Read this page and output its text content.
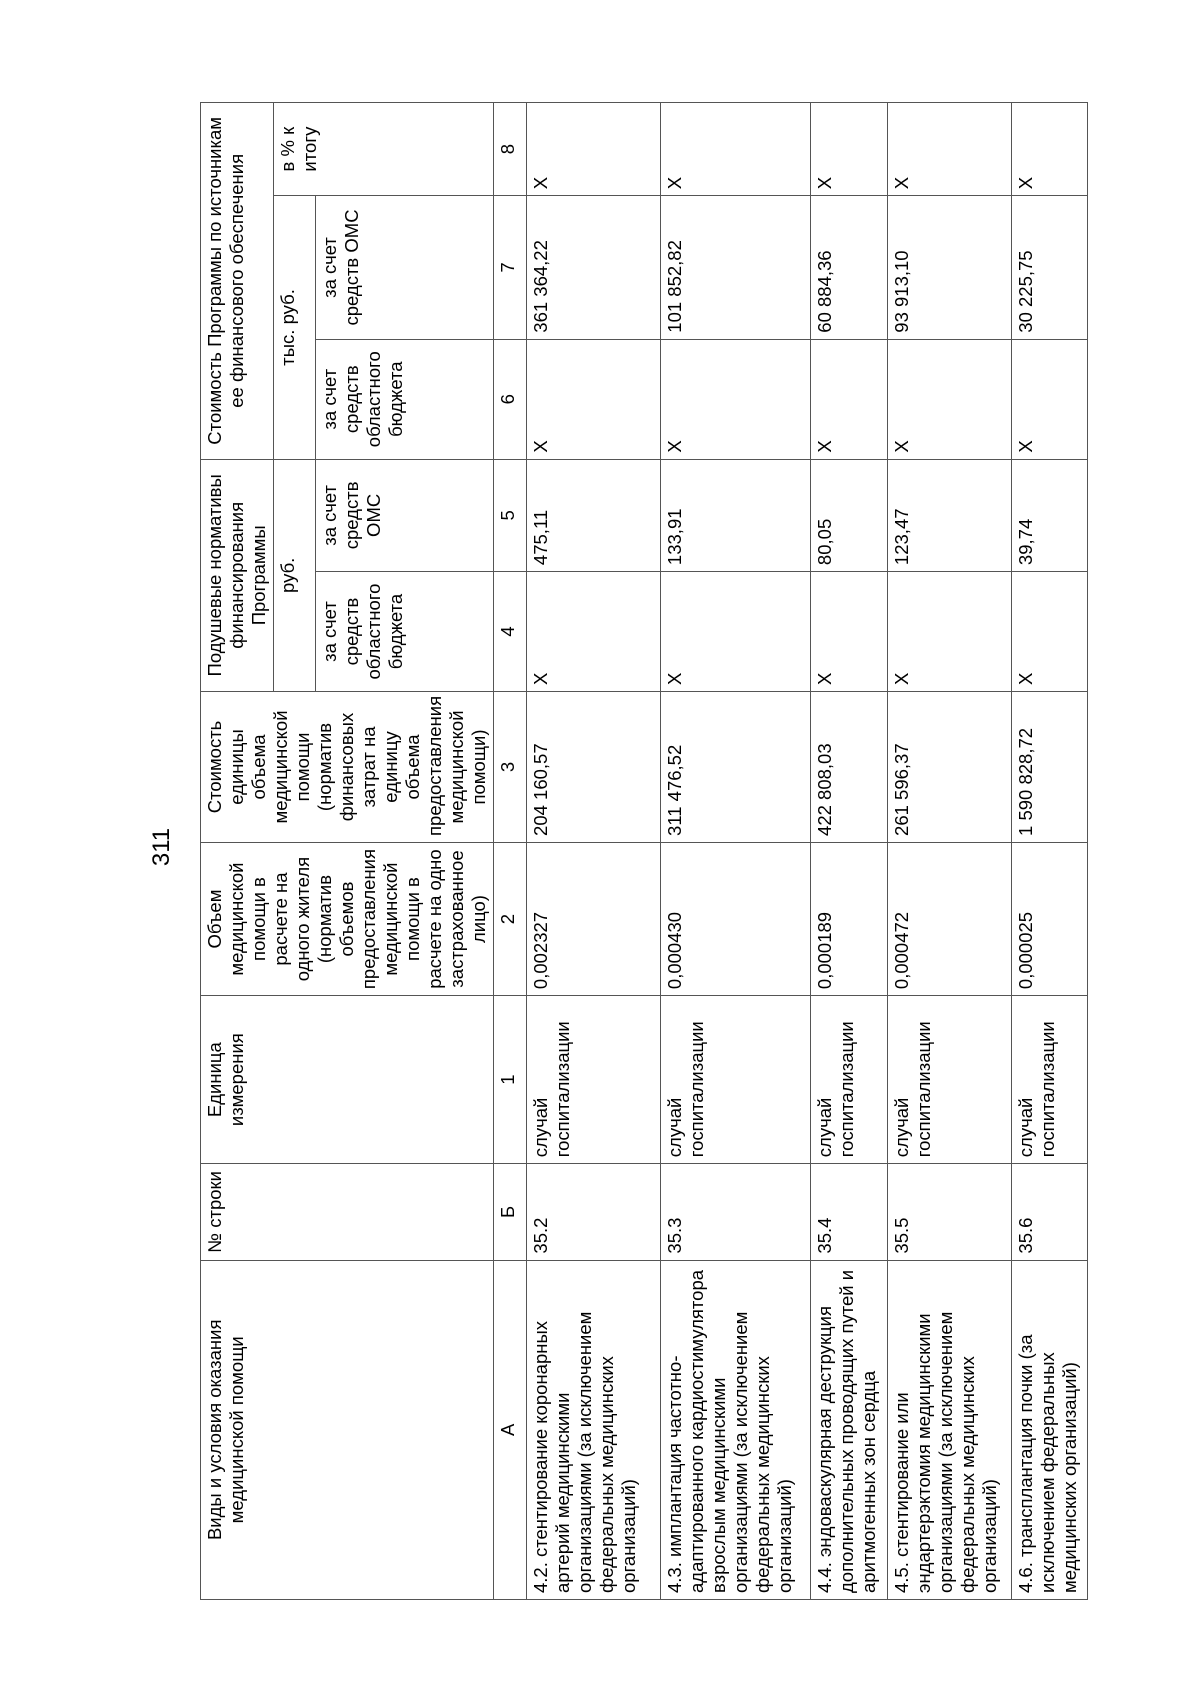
311
Виды и условия оказания медицинской помощи	№ строки	Единица измерения	Объем медицинской помощи в расчете на одного жителя (норматив объемов предоставления медицинской помощи в расчете на одно застрахованное лицо)	Стоимость единицы объема медицинской помощи (норматив финансовых затрат на единицу объема предоставления медицинской помощи)	Подушевые нормативы финансирования Программы		Стоимость Программы по источникам ее финансового обеспечения		
					руб.		тыс. руб.		в % к итогу
					за счет средств областного бюджета	за счет средств ОМС	за счет средств областного бюджета	за счет средств ОМС	
А	Б	1	2	3	4	5	6	7	8
4.2. стентирование коронарных артерий медицинскими организациями (за исключением федеральных медицинских организаций)	35.2	случай госпитализации	0,002327	204 160,57	X	475,11	X	361 364,22	X
4.3. имплантация частотно-адаптированного кардиостимулятора взрослым медицинскими организациями (за исключением федеральных медицинских организаций)	35.3	случай госпитализации	0,000430	311 476,52	X	133,91	X	101 852,82	X
4.4. эндоваскулярная деструкция дополнительных проводящих путей и аритмогенных зон сердца	35.4	случай госпитализации	0,000189	422 808,03	X	80,05	X	60 884,36	X
4.5. стентирование или эндартерэктомия медицинскими организациями (за исключением федеральных медицинских организаций)	35.5	случай госпитализации	0,000472	261 596,37	X	123,47	X	93 913,10	X
4.6. трансплантация почки (за исключением федеральных медицинских организаций)	35.6	случай госпитализации	0,000025	1 590 828,72	X	39,74	X	30 225,75	X
